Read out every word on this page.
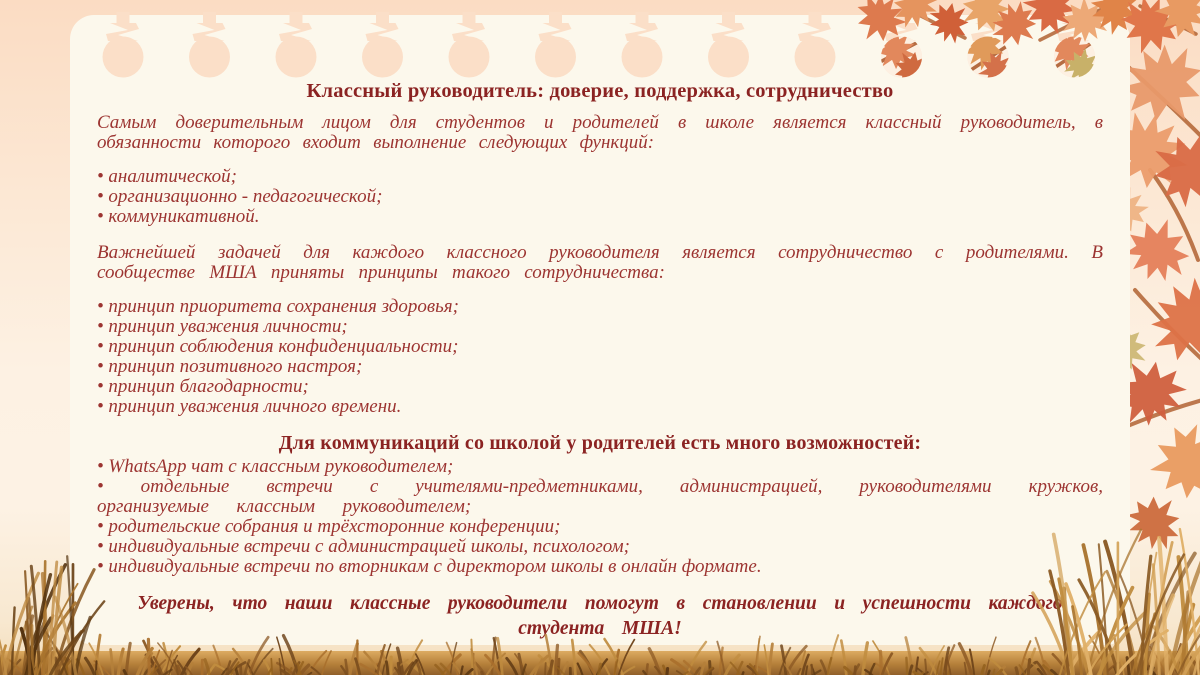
Классный руководитель: доверие, поддержка, сотрудничество

Самым доверительным лицом для студентов и родителей в школе является классный руководитель, в обязанности которого входит выполнение следующих функций:

• аналитической;
• организационно - педагогической;
• коммуникативной.

Важнейшей задачей для каждого классного руководителя является сотрудничество с родителями. В сообществе МША приняты принципы такого сотрудничества:

• принцип приоритета сохранения здоровья;
• принцип уважения личности;
• принцип соблюдения конфиденциальности;
• принцип позитивного настроя;
• принцип благодарности;
• принцип уважения личного времени.
Для коммуникаций со школой у родителей есть много возможностей:
• WhatsApp чат с классным руководителем;
• отдельные встречи с учителями-предметниками, администрацией, руководителями кружков, организуемые классным руководителем;
• родительские собрания и трёхсторонние конференции;
• индивидуальные встречи с администрацией школы, психологом;
• индивидуальные встречи по вторникам с директором школы в онлайн формате.

Уверены, что наши классные руководители помогут в становлении и успешности каждого студента МША!
